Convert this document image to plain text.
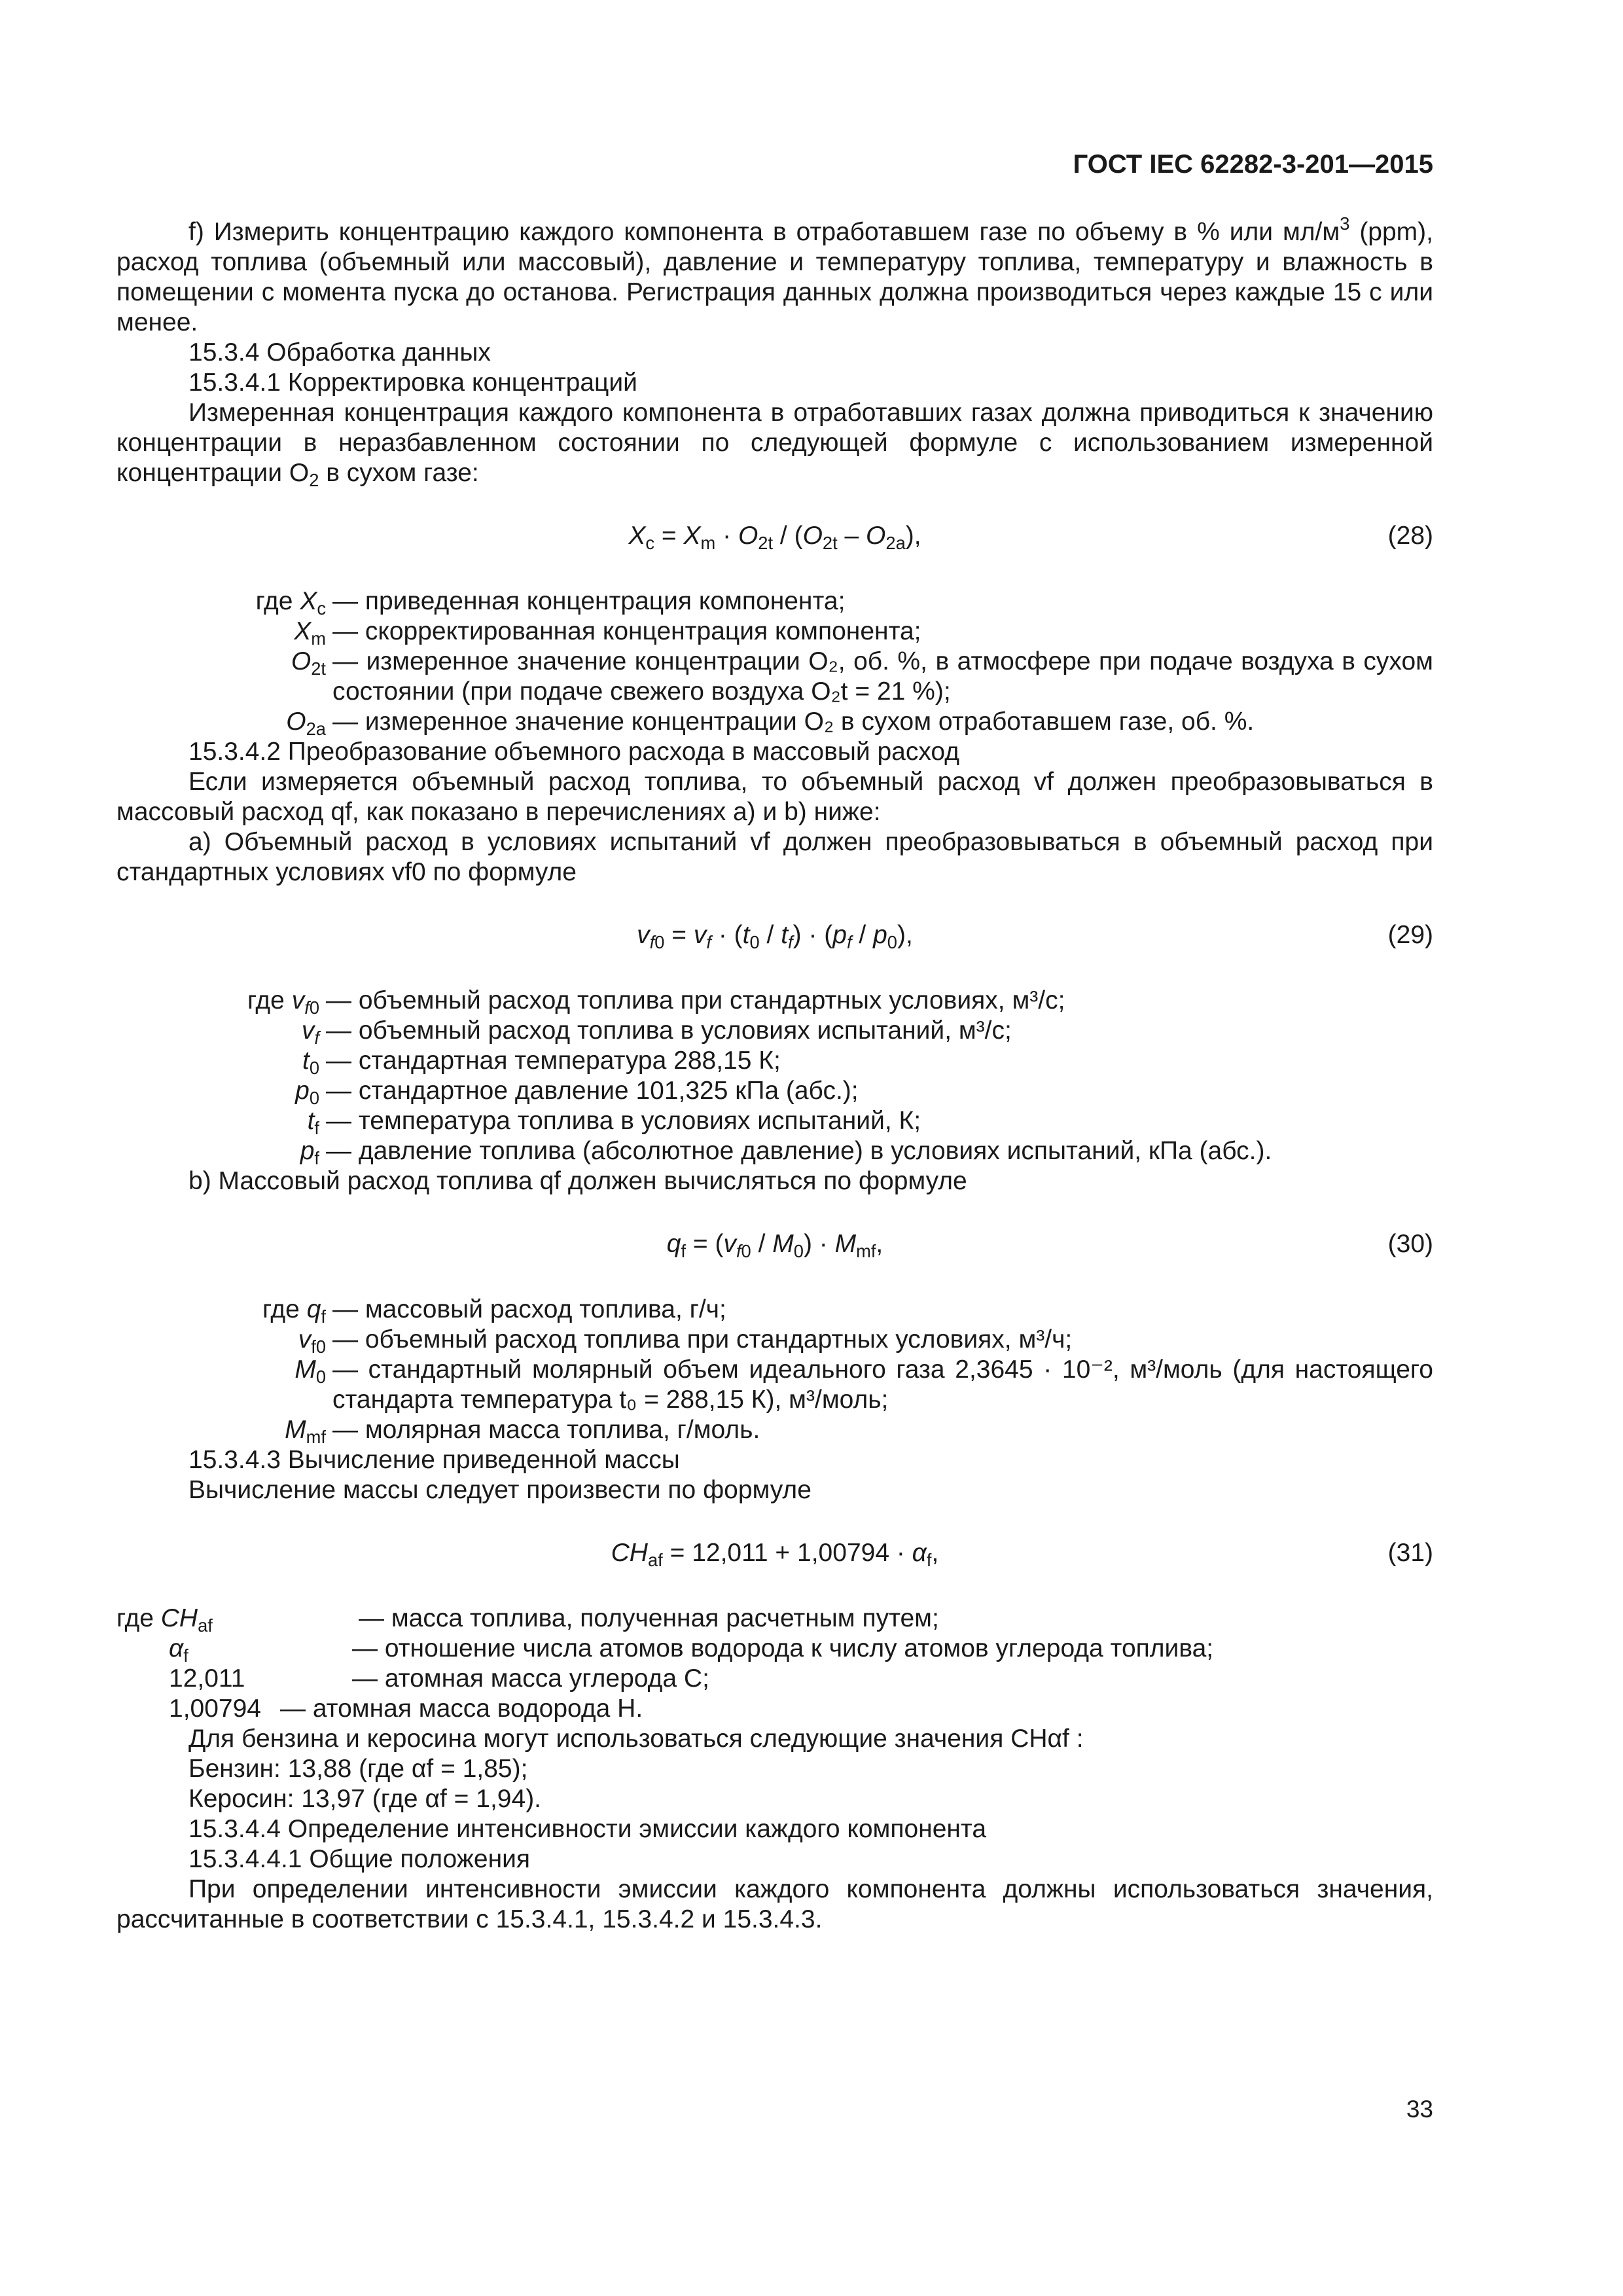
ГОСТ IEC 62282-3-201—2015

f) Измерить концентрацию каждого компонента в отработавшем газе по объему в % или $мл/м^3$ (ppm), расход топлива (объемный или массовый), давление и температуру топлива, температуру и влажность в помещении с момента пуска до останова. Регистрация данных должна производиться через каждые 15 с или менее.

15.3.4 Обработка данных

15.3.4.1 Корректировка концентраций

Измеренная концентрация каждого компонента в отработавших газах должна приводиться к значению концентрации в неразбавленном состоянии по следующей формуле с использованием измеренной концентрации $O_2$ в сухом газе:

$X_c = X_m \cdot O_{2t} / (O_{2t} - O_{2a})$,	(28)
где $X_c$ — приведенная концентрация компонента;
$X_m$ — скорректированная концентрация компонента;
$O_{2t}$ — измеренное значение концентрации O₂, об. %, в атмосфере при подаче воздуха в сухом состоянии (при подаче свежего воздуха O₂t = 21 %);
$O_{2a}$ — измеренное значение концентрации O₂ в сухом отработавшем газе, об. %.

15.3.4.2 Преобразование объемного расхода в массовый расход

Если измеряется объемный расход топлива, то объемный расход vf должен преобразовываться в массовый расход qf, как показано в перечислениях а) и b) ниже:

а) Объемный расход в условиях испытаний vf должен преобразовываться в объемный расход при стандартных условиях vf0 по формуле

$v_{f0} = v_f \cdot (t_0 / t_f) \cdot (p_f / p_0)$,	(29)
где $v_{f0}$ — объемный расход топлива при стандартных условиях, м³/с;
$v_f$ — объемный расход топлива в условиях испытаний, м³/с;
$t_0$ — стандартная температура 288,15 К;
$p_0$ — стандартное давление 101,325 кПа (абс.);
$t_f$ — температура топлива в условиях испытаний, К;
$p_f$ — давление топлива (абсолютное давление) в условиях испытаний, кПа (абс.).

b) Массовый расход топлива qf должен вычисляться по формуле

$q_f = (v_{f0} / M_0) \cdot M_{mf}$,	(30)
где $q_f$ — массовый расход топлива, г/ч;
$v_{f0}$ — объемный расход топлива при стандартных условиях, м³/ч;
$M_0$ — стандартный молярный объем идеального газа 2,3645 · 10⁻², м³/моль (для настоящего стандарта температура t₀ = 288,15 К), м³/моль;
$M_{mf}$ — молярная масса топлива, г/моль.

15.3.4.3 Вычисление приведенной массы

Вычисление массы следует произвести по формуле

$CH_{af} = 12,011 + 1,00794 \cdot \alpha_f$,	(31)
где $CH_{af}$	— масса топлива, полученная расчетным путем;
$\alpha_f$	— отношение числа атомов водорода к числу атомов углерода топлива;
12,011	— атомная масса углерода C;
1,00794 — атомная масса водорода H.

Для бензина и керосина могут использоваться следующие значения CHαf :

Бензин: 13,88 (где αf = 1,85);

Керосин: 13,97 (где αf = 1,94).

15.3.4.4 Определение интенсивности эмиссии каждого компонента

15.3.4.4.1 Общие положения

При определении интенсивности эмиссии каждого компонента должны использоваться значения, рассчитанные в соответствии с 15.3.4.1, 15.3.4.2 и 15.3.4.3.

33
